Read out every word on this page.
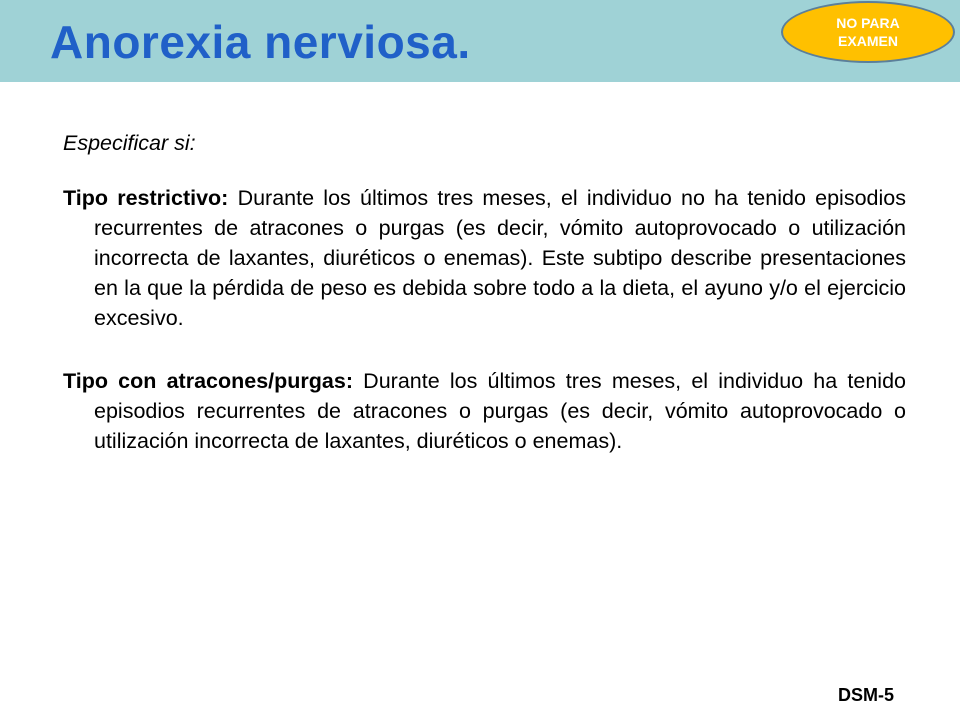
Anorexia nerviosa.	NO PARA
EXAMEN

Especificar si:

Tipo restrictivo: Durante los últimos tres meses, el individuo no ha tenido episodios recurrentes de atracones o purgas (es decir, vómito autoprovocado o utilización incorrecta de laxantes, diuréticos o enemas). Este subtipo describe presentaciones en la que la pérdida de peso es debida sobre todo a la dieta, el ayuno y/o el ejercicio excesivo.

Tipo con atracones/purgas: Durante los últimos tres meses, el individuo ha tenido episodios recurrentes de atracones o purgas (es decir, vómito autoprovocado o utilización incorrecta de laxantes, diuréticos o enemas).

DSM-5
